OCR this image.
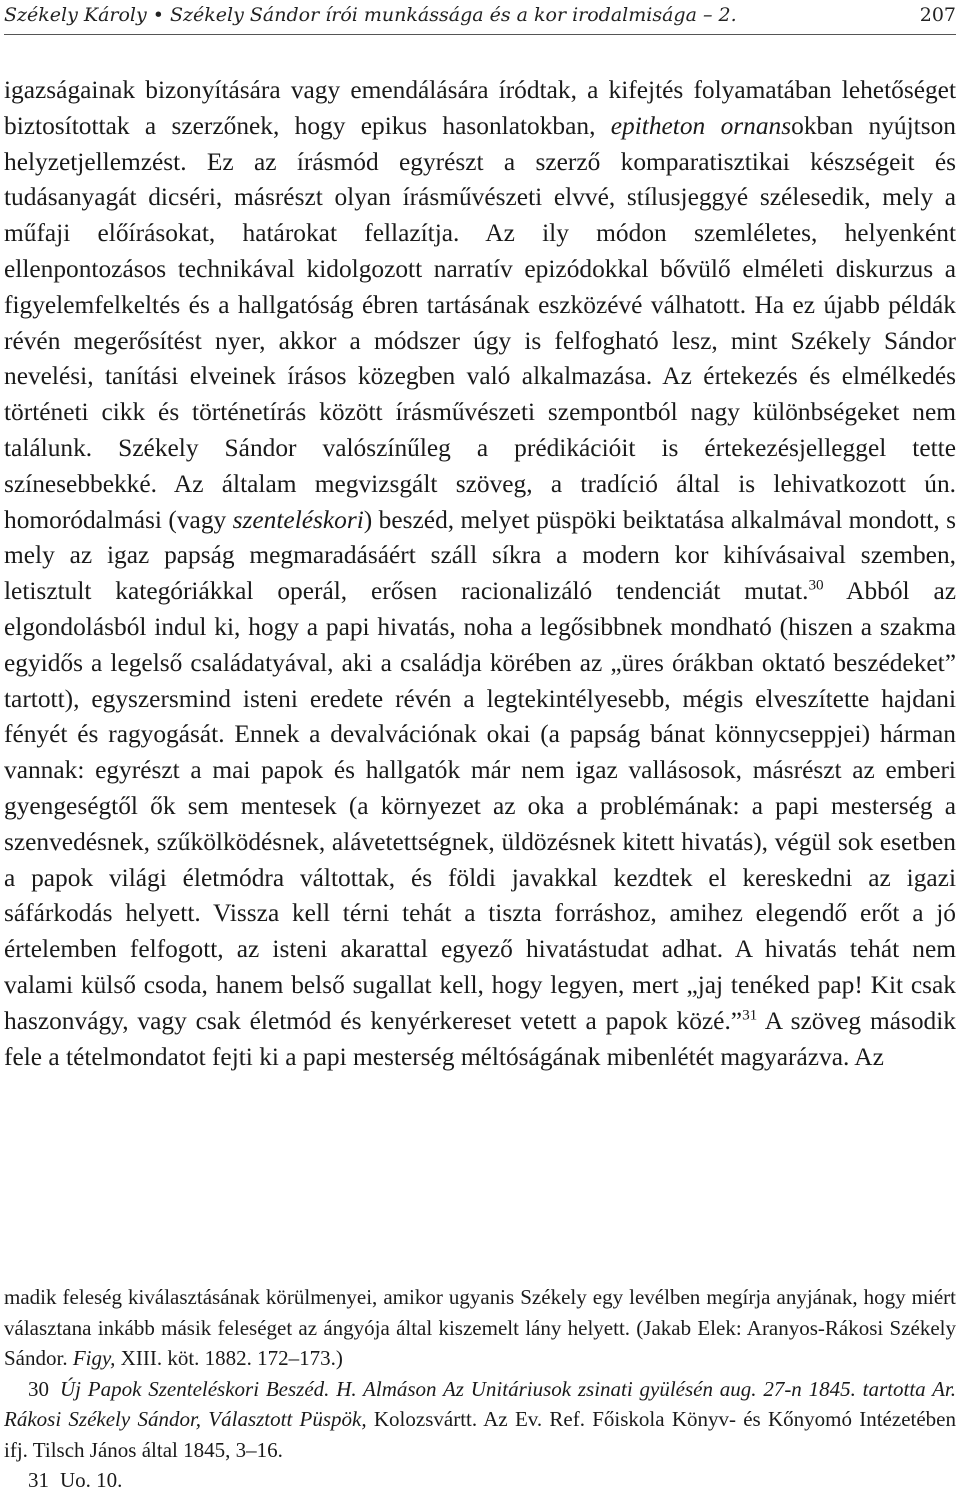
Székely Károly • Székely Sándor írói munkássága és a kor irodalmisága – 2.	207

igazságainak bizonyítására vagy emendálására íródtak, a kifejtés folyamatában lehetőséget biztosítottak a szerzőnek, hogy epikus hasonlatokban, epitheton ornansokban nyújtson helyzetjellemzést. Ez az írásmód egyrészt a szerző komparatisztikai készségeit és tudásanyagát dicséri, másrészt olyan írásművészeti elvvé, stílusjeggyé szélesedik, mely a műfaji előírásokat, határokat fellazítja. Az ily módon szemléletes, helyenként ellenpontozásos technikával kidolgozott narratív epizódokkal bővülő elméleti diskurzus a figyelemfelkeltés és a hallgatóság ébren tartásának eszközévé válhatott. Ha ez újabb példák révén megerősítést nyer, akkor a módszer úgy is felfogható lesz, mint Székely Sándor nevelési, tanítási elveinek írásos közegben való alkalmazása. Az értekezés és elmélkedés történeti cikk és történetírás között írásművészeti szempontból nagy különbségeket nem találunk. Székely Sándor valószínűleg a prédikációit is értekezésjelleggel tette színesebbekké. Az általam megvizsgált szöveg, a tradíció által is lehivatkozott ún. homoródalmási (vagy szenteléskori) beszéd, melyet püspöki beiktatása alkalmával mondott, s mely az igaz papság megmaradásáért száll síkra a modern kor kihívásaival szemben, letisztult kategóriákkal operál, erősen racionalizáló tendenciát mutat.$^{30}$ Abból az elgondolásból indul ki, hogy a papi hivatás, noha a legősibbnek mondható (hiszen a szakma egyidős a legelső családatyával, aki a családja körében az „üres órákban oktató beszédeket” tartott), egyszersmind isteni eredete révén a legtekintélyesebb, mégis elveszítette hajdani fényét és ragyogását. Ennek a devalvációnak okai (a papság bánat könnycseppjei) hárman vannak: egyrészt a mai papok és hallgatók már nem igaz vallásosok, másrészt az emberi gyengeségtől ők sem mentesek (a környezet az oka a problémának: a papi mesterség a szenvedésnek, szűkölködésnek, alávetettségnek, üldözésnek kitett hivatás), végül sok esetben a papok világi életmódra váltottak, és földi javakkal kezdtek el kereskedni az igazi sáfárkodás helyett. Vissza kell térni tehát a tiszta forráshoz, amihez elegendő erőt a jó értelemben felfogott, az isteni akarattal egyező hivatástudat adhat. A hivatás tehát nem valami külső csoda, hanem belső sugallat kell, hogy legyen, mert „jaj tenéked pap! Kit csak haszonvágy, vagy csak életmód és kenyérkereset vetett a papok közé.”$^{31}$ A szöveg második fele a tételmondatot fejti ki a papi mesterség méltóságának mibenlétét magyarázva. Az

madik feleség kiválasztásának körülmenyei, amikor ugyanis Székely egy levélben megírja anyjának, hogy miért választana inkább másik feleséget az ángyója által kiszemelt lány helyett. (Jakab Elek: Aranyos-Rákosi Székely Sándor. Figy, XIII. köt. 1882. 172–173.)

30 Új Papok Szenteléskori Beszéd. H. Almáson Az Unitáriusok zsinati gyülésén aug. 27-n 1845. tartotta Ar. Rákosi Székely Sándor, Választott Püspök, Kolozsvártt. Az Ev. Ref. Főiskola Könyv- és Kőnyomó Intézetében ifj. Tilsch János által 1845, 3–16.

31 Uo. 10.
